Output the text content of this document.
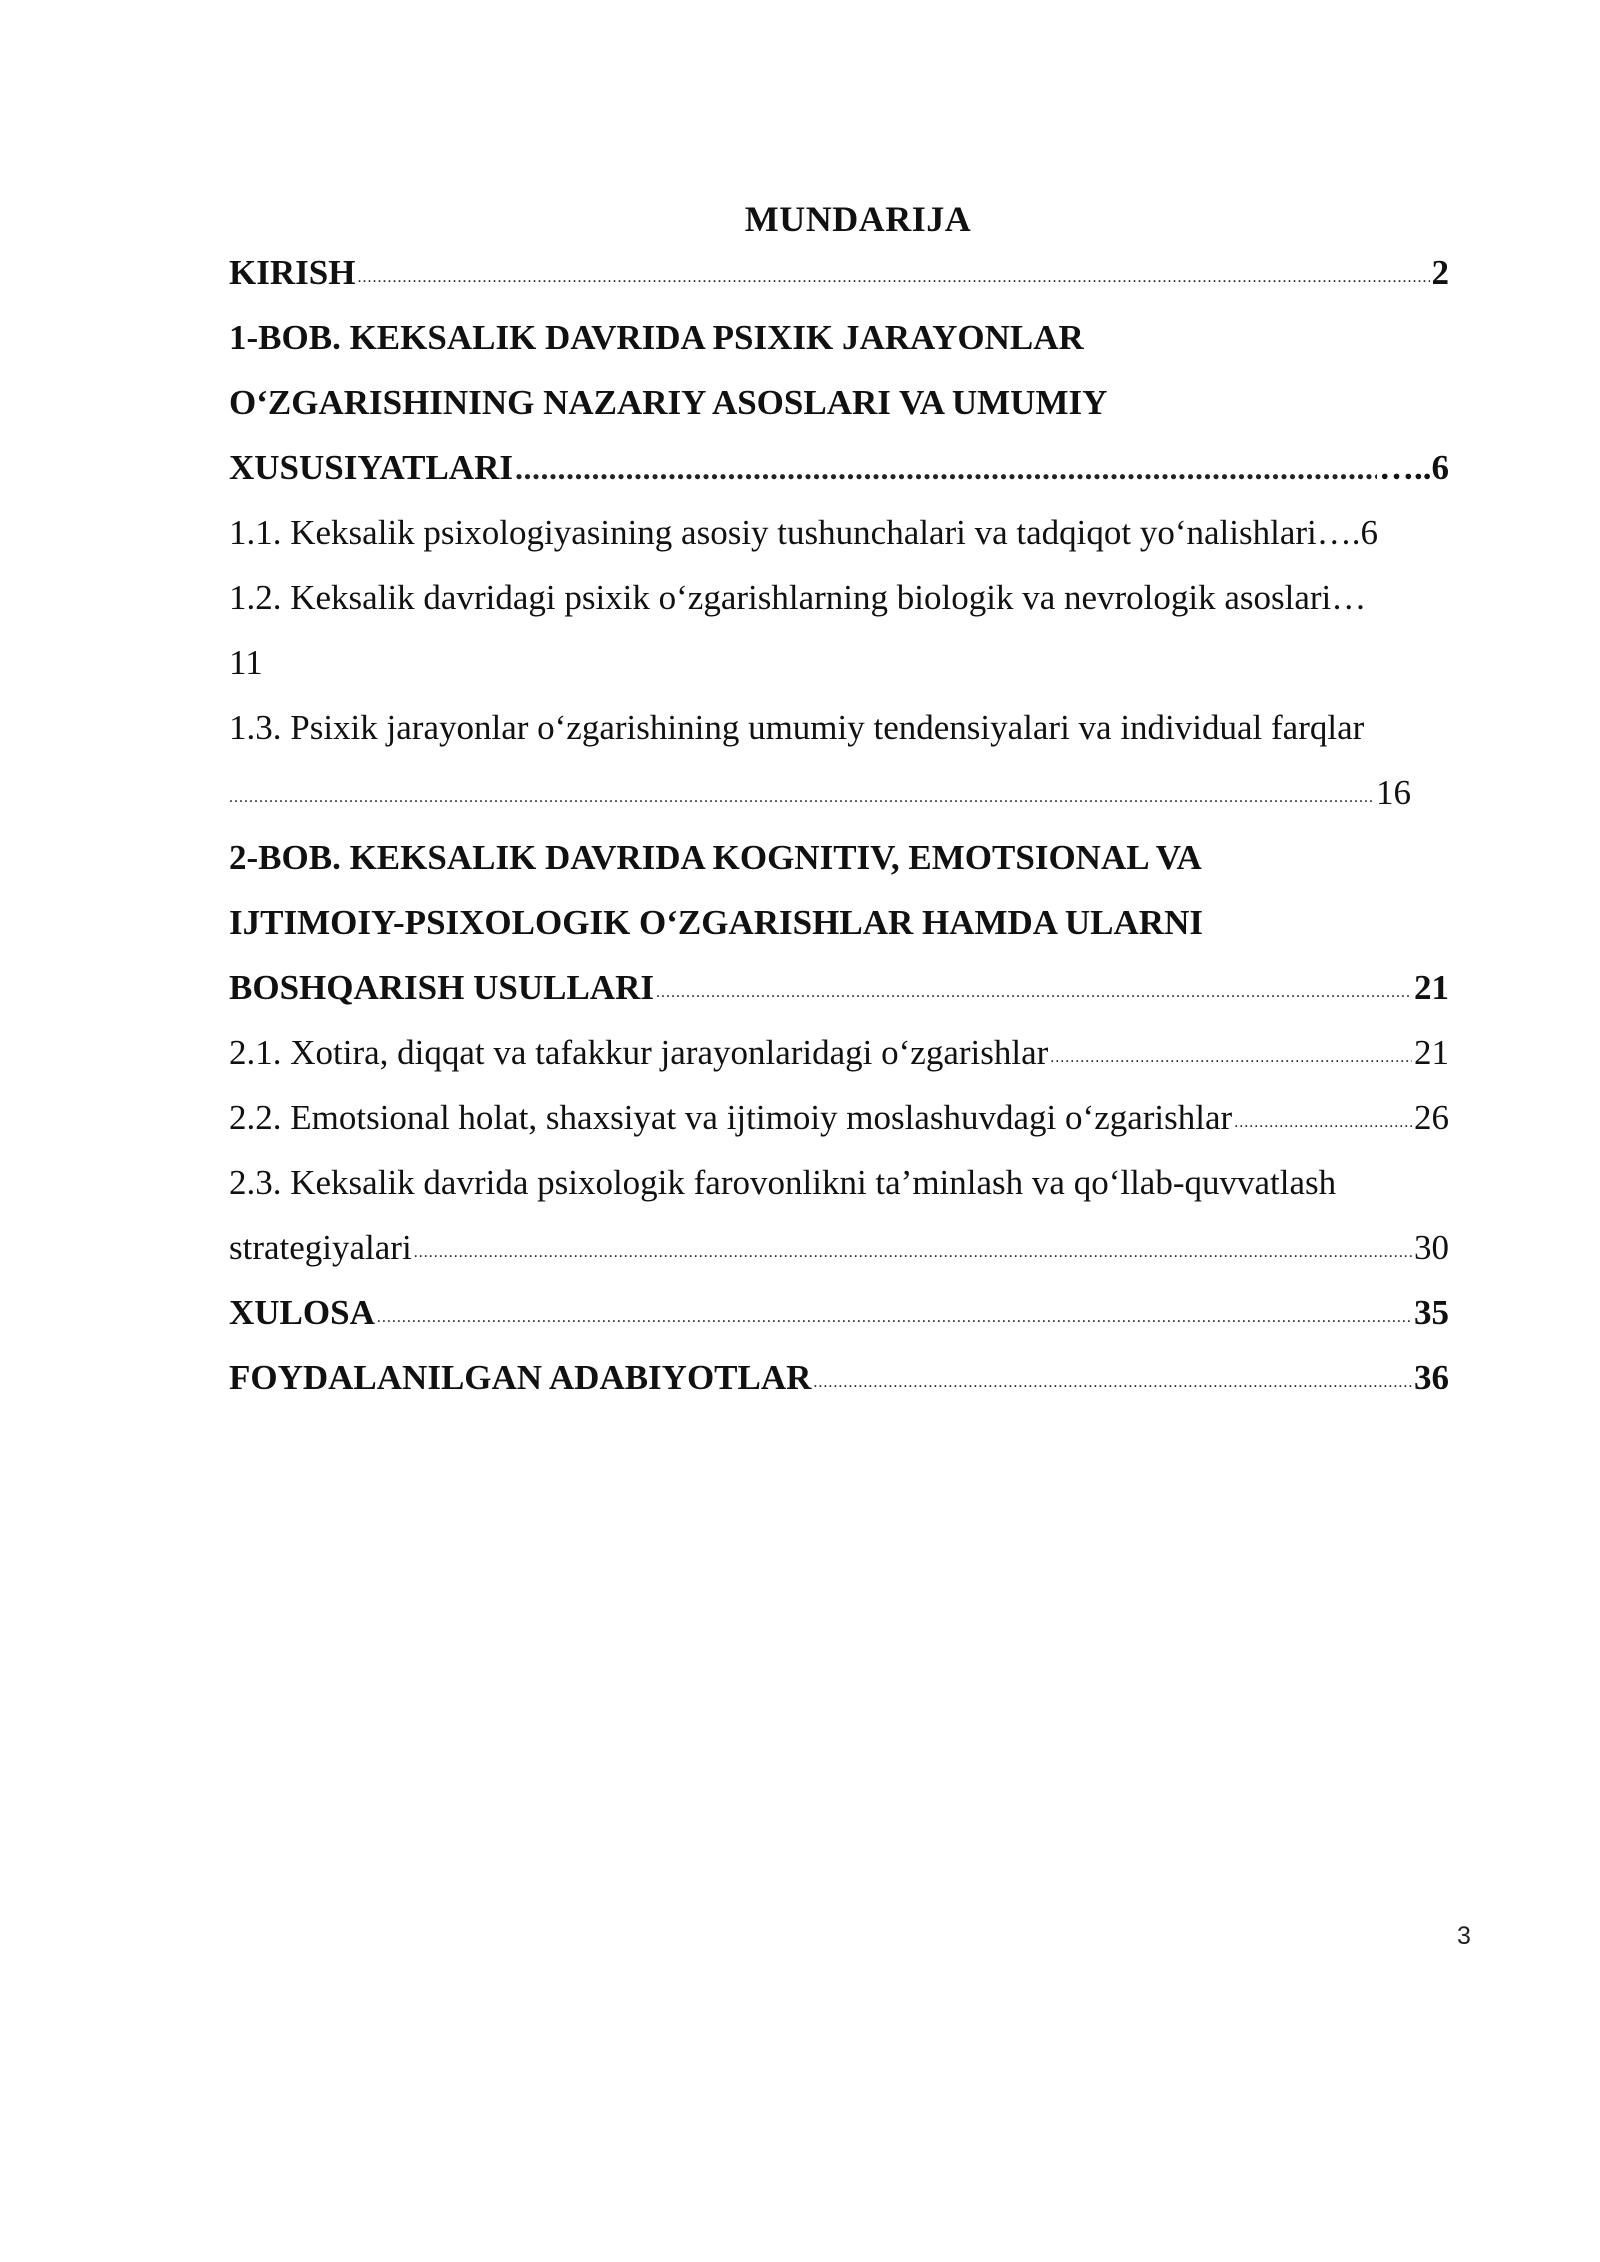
MUNDARIJA
KIRISH .....	2
1-BOB. KEKSALIK DAVRIDA PSIXIK JARAYONLAR
O‘ZGARISHINING NAZARIY ASOSLARI VA UMUMIY
XUSUSIYATLARI .....	…..6
1.1. Keksalik psixologiyasining asosiy tushunchalari va tadqiqot yo‘nalishlari….6
1.2. Keksalik davridagi psixik o‘zgarishlarning biologik va nevrologik asoslari…
11
1.3. Psixik jarayonlar o‘zgarishining umumiy tendensiyalari va individual farqlar
.....
16
2-BOB. KEKSALIK DAVRIDA KOGNITIV, EMOTSIONAL VA
IJTIMOIY-PSIXOLOGIK O‘ZGARISHLAR HAMDA ULARNI
BOSHQARISH USULLARI .....	21
2.1. Xotira, diqqat va tafakkur jarayonlaridagi o‘zgarishlar .....	21
2.2. Emotsional holat, shaxsiyat va ijtimoiy moslashuvdagi o‘zgarishlar .....	26
2.3. Keksalik davrida psixologik farovonlikni ta’minlash va qo‘llab-quvvatlash
strategiyalari .....	30
XULOSA .....	35
FOYDALANILGAN ADABIYOTLAR .....	36
3
